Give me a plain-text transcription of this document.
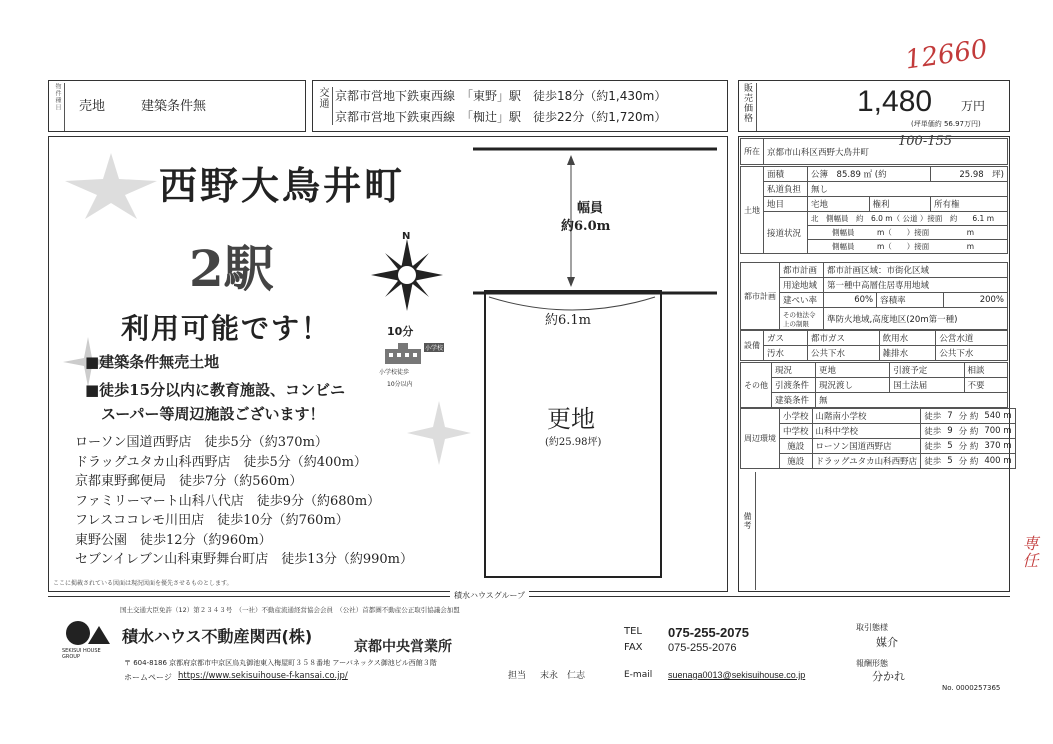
12660
100-155
専任
物件種目	売地	建築条件無	交通 京都市営地下鉄東西線　「東野」駅　徒歩18分（約1,430m）
京都市営地下鉄東西線　「椥辻」駅　徒歩22分（約1,720m）	販売価格	1,480 万円
(坪単価約 56.97万円)
西野大鳥井町
2駅
N
利用可能です！	10分
小学校
小学校徒歩
10分以内
■建築条件無売土地
■徒歩15分以内に教育施設、コンビニ
スーパー等周辺施設ございます！
ローソン国道西野店　徒歩5分（約370m）
ドラッグユタカ山科西野店　徒歩5分（約400m）
京都東野郵便局　徒歩7分（約560m）
ファミリーマート山科八代店　徒歩9分（約680m）
フレスココレモ川田店　徒歩10分（約760m）
東野公園　徒歩12分（約960m）
セブンイレブン山科東野舞台町店　徒歩13分（約990m）
ここに掲載されている図面は現況図面を優先させるものとします。
幅員
約6.0m
約6.1m
更地
(約25.98坪)
所在	京都市山科区西野大鳥井町
土地	面積	公簿　 85.89 ㎡ (約		25.98　坪)
	私道負担	無し		
	地目	宅地	権利	所有権
	接道状況	北　側幅員　約　6.0 m（ 公道 ）接面　約　　6.1 m		
		側幅員　　　m（　　）接面　　　　　m		
		側幅員　　　m（　　）接面　　　　　m		
都市計画	都市計画	都市計画区域：市街化区域		
	用途地域	第一種中高層住居専用地域		
	建ぺい率	60%	容積率	200%
	その他法令上の制限	準防火地域,高度地区(20m第一種)		
設備	ガス	都市ガス	飲用水	公営水道
	汚水	公共下水	雑排水	公共下水
その他	現況	更地	引渡予定	相談
	引渡条件	現況渡し	国土法届	不要
	建築条件	無		
周辺環境	小学校	山階南小学校	徒歩	7	分 約	540 m
	中学校	山科中学校	徒歩	9	分 約	700 m
	施設	ローソン国道西野店	徒歩	5	分 約	370 m
	施設	ドラッグユタカ山科西野店	徒歩	5	分 約	400 m
備考
積水ハウスグループ
国土交通大臣免許（12）第２３４３号　（一社）不動産流通経営協会会員　（公社）首都圏不動産公正取引協議会加盟
SEKISUI HOUSE GROUP
積水ハウス不動産関西(株)
京都中央営業所
〒 604-8186 京都府京都市中京区烏丸御池東入梅屋町３５８番地 アーバネックス御池ビル西館３階
ホームページ https://www.sekisuihouse-f-kansai.co.jp/	担当 末永　仁志
TEL 075-255-2075
FAX 075-255-2076
E-mail suenaga0013@sekisuihouse.co.jp
取引態様
媒介
報酬形態
分かれ
No. 0000257365
